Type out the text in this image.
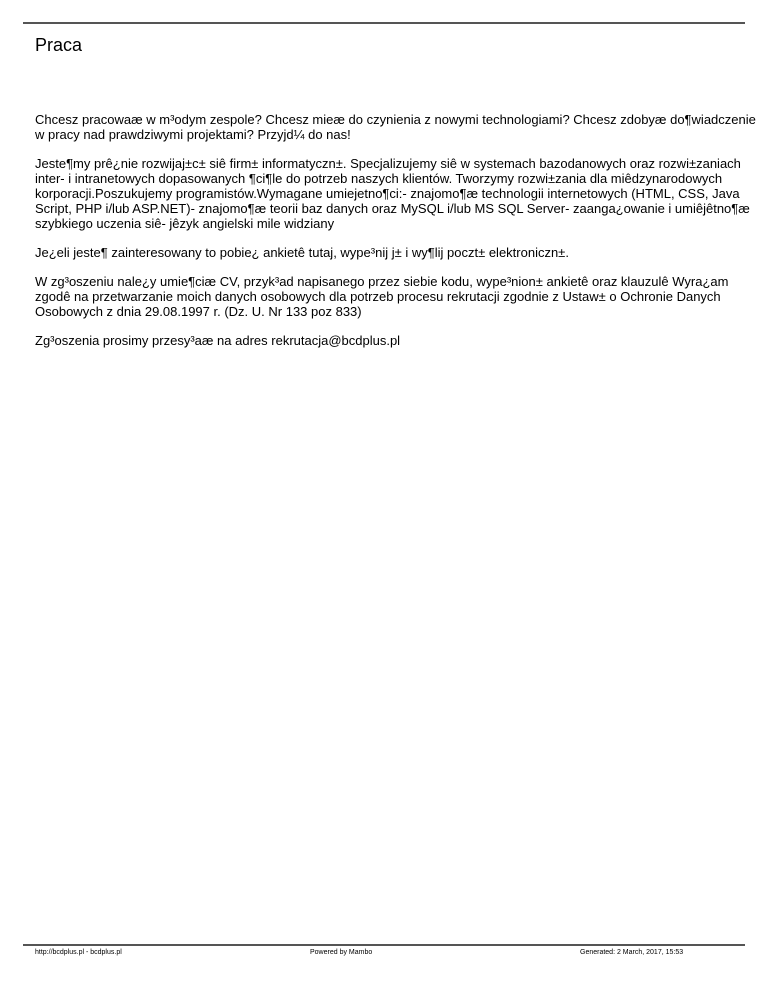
Praca

Chcesz pracowaæ w m³odym zespole? Chcesz mieæ do czynienia z nowymi technologiami? Chcesz zdobyæ do¶wiadczenie w pracy nad prawdziwymi projektami? Przyjd¼ do nas!

Jeste¶my prê¿nie rozwijaj±c± siê firm± informatyczn±. Specjalizujemy siê w systemach bazodanowych oraz rozwi±zaniach inter- i intranetowych dopasowanych ¶ci¶le do potrzeb naszych klientów. Tworzymy rozwi±zania dla miêdzynarodowych korporacji.Poszukujemy programistów.Wymagane umiejetno¶ci:- znajomo¶æ technologii internetowych (HTML, CSS, Java Script, PHP i/lub ASP.NET)- znajomo¶æ teorii baz danych oraz MySQL i/lub MS SQL Server- zaanga¿owanie i umiêjêtno¶æ szybkiego uczenia siê- jêzyk angielski mile widziany

Je¿eli jeste¶ zainteresowany to pobie¿ ankietê tutaj, wype³nij j± i wy¶lij poczt± elektroniczn±.

W zg³oszeniu nale¿y umie¶ciæ CV, przyk³ad napisanego przez siebie kodu, wype³nion± ankietê oraz klauzulê Wyra¿am zgodê na przetwarzanie moich danych osobowych dla potrzeb procesu rekrutacji zgodnie z Ustaw± o Ochronie Danych Osobowych z dnia 29.08.1997 r. (Dz. U. Nr 133 poz 833)

Zg³oszenia prosimy przesy³aæ na adres rekrutacja@bcdplus.pl

http://bcdplus.pl - bcdplus.pl	Powered by Mambo	Generated: 2 March, 2017, 15:53
